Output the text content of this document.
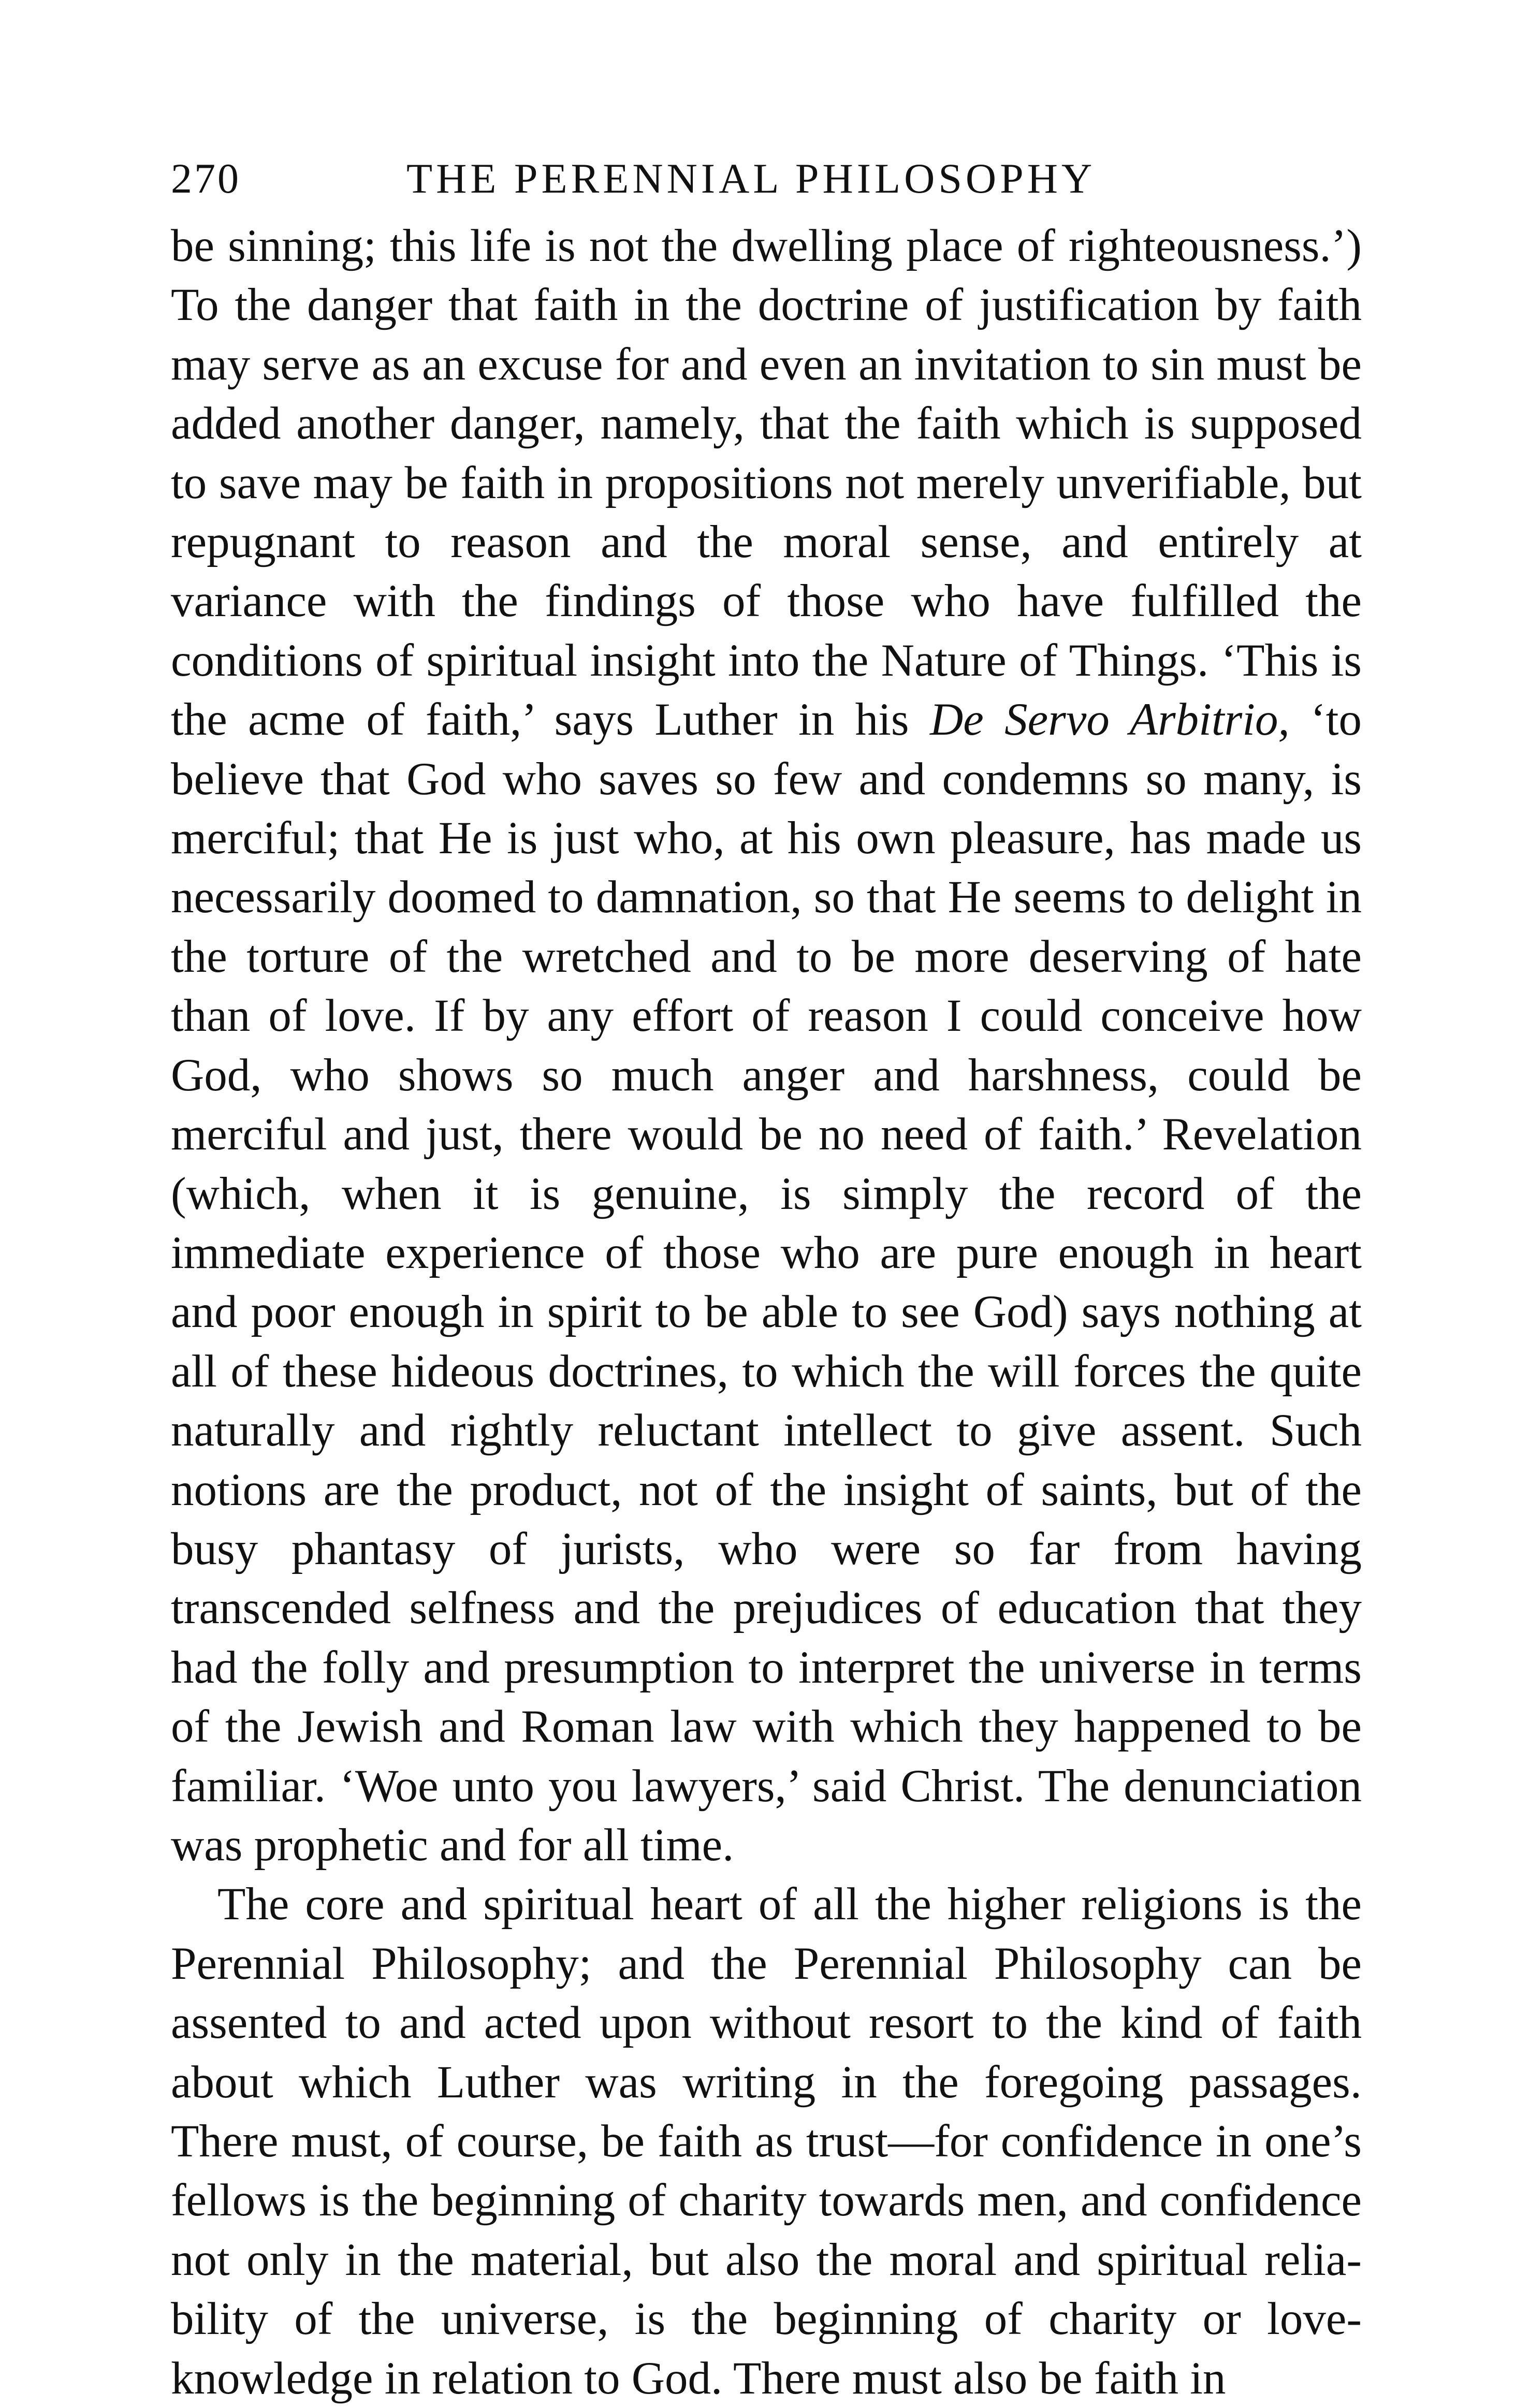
270	THE PERENNIAL PHILOSOPHY

be sinning; this life is not the dwelling place of righteousness.’) To the danger that faith in the doctrine of justification by faith may serve as an excuse for and even an invitation to sin must be added another danger, namely, that the faith which is supposed to save may be faith in propositions not merely unverifiable, but repugnant to reason and the moral sense, and entirely at variance with the findings of those who have fulfilled the conditions of spiritual insight into the Nature of Things. ‘This is the acme of faith,’ says Luther in his De Servo Arbitrio, ‘to believe that God who saves so few and condemns so many, is merciful; that He is just who, at his own pleasure, has made us necessarily doomed to damnation, so that He seems to delight in the torture of the wretched and to be more deserving of hate than of love. If by any effort of reason I could conceive how God, who shows so much anger and harshness, could be merciful and just, there would be no need of faith.’ Revelation (which, when it is genuine, is simply the record of the immediate experience of those who are pure enough in heart and poor enough in spirit to be able to see God) says nothing at all of these hideous doctrines, to which the will forces the quite naturally and rightly reluctant intellect to give assent. Such notions are the product, not of the insight of saints, but of the busy phantasy of jurists, who were so far from having transcended selfness and the prejudices of education that they had the folly and presumption to interpret the universe in terms of the Jewish and Roman law with which they happened to be familiar. ‘Woe unto you lawyers,’ said Christ. The denunciation was prophetic and for all time.

The core and spiritual heart of all the higher religions is the Perennial Philosophy; and the Perennial Philosophy can be assented to and acted upon without resort to the kind of faith about which Luther was writing in the foregoing passages. There must, of course, be faith as trust—for confidence in one’s fellows is the beginning of charity towards men, and confidence not only in the material, but also the moral and spiritual reliability of the universe, is the beginning of charity or loveknowledge in relation to God. There must also be faith in
